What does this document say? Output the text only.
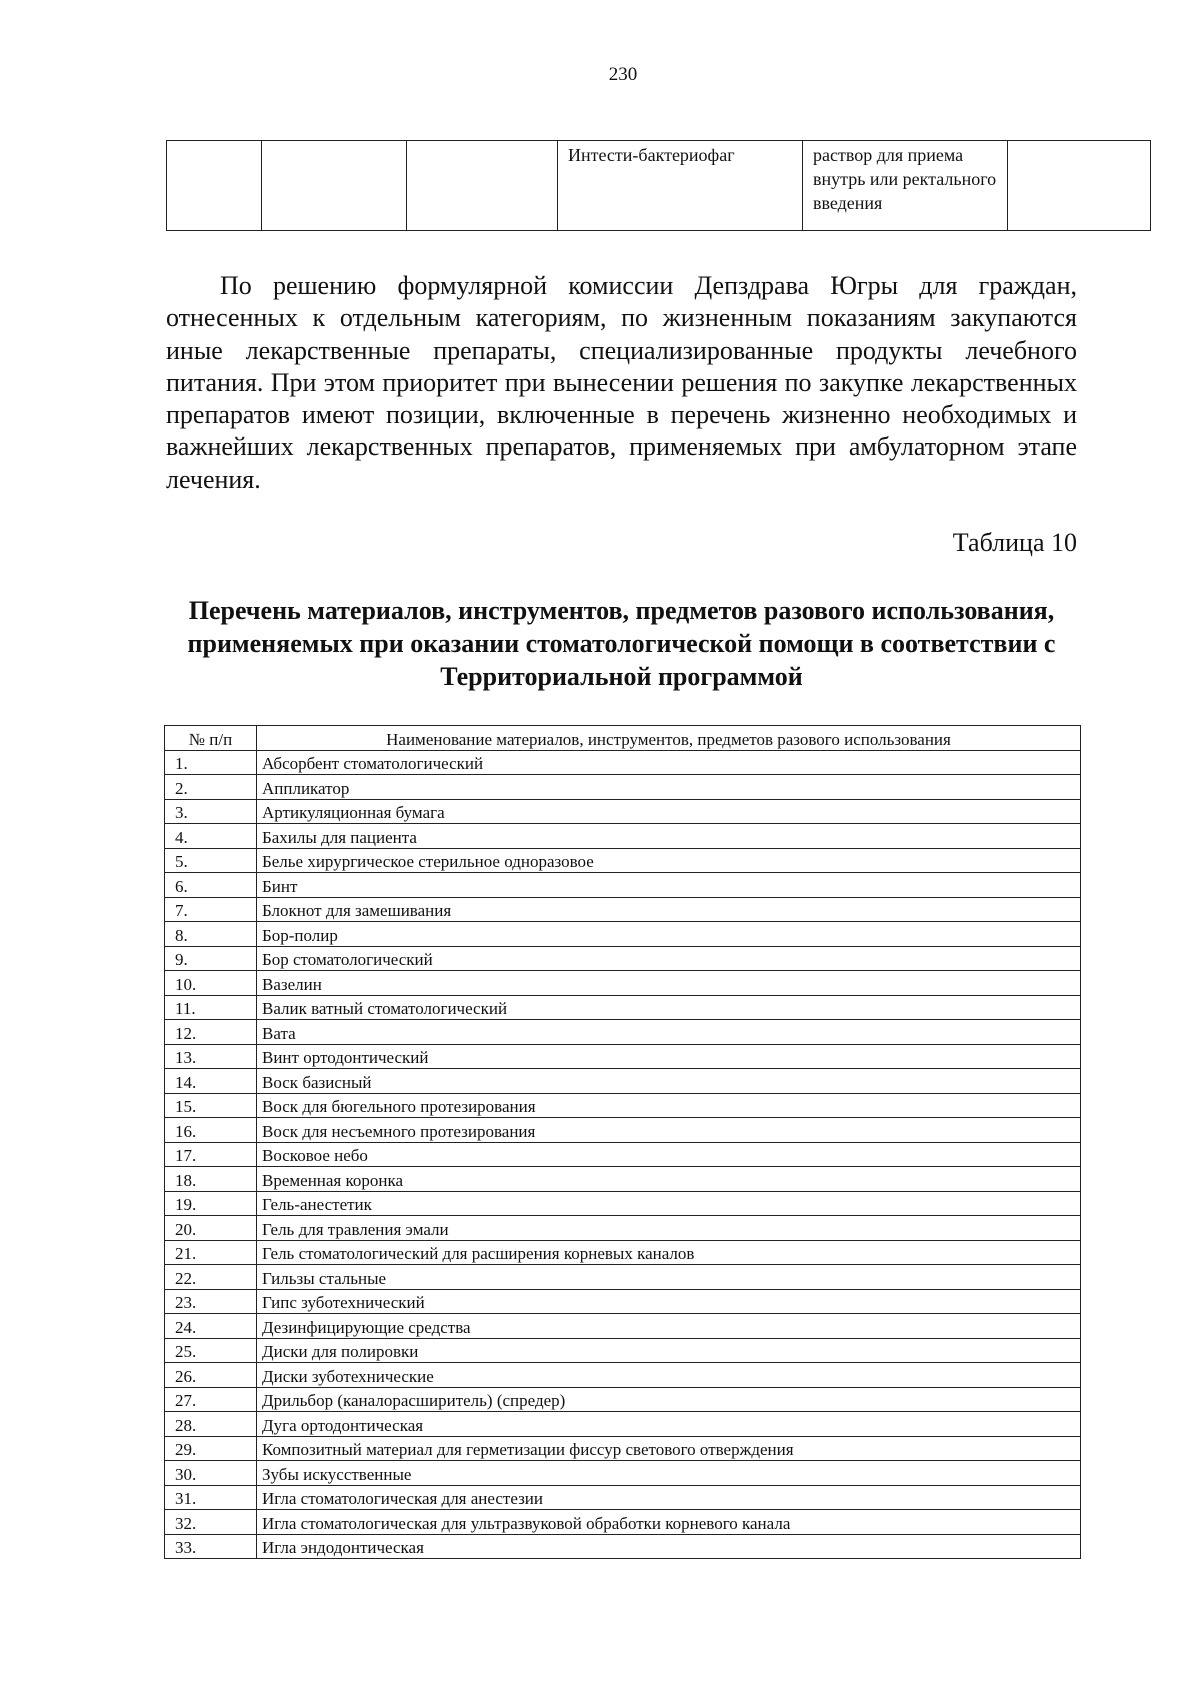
230
			Интести-бактериофаг	раствор для приема внутрь или ректального введения	

По решению формулярной комиссии Депздрава Югры для граждан, отнесенных к отдельным категориям, по жизненным показаниям закупаются иные лекарственные препараты, специализированные продукты лечебного питания. При этом приоритет при вынесении решения по закупке лекарственных препаратов имеют позиции, включенные в перечень жизненно необходимых и важнейших лекарственных препаратов, применяемых при амбулаторном этапе лечения.

Таблица 10
Перечень материалов, инструментов, предметов разового использования, применяемых при оказании стоматологической помощи в соответствии с Территориальной программой
№ п/п	Наименование материалов, инструментов, предметов разового использования
1.	Абсорбент стоматологический
2.	Аппликатор
3.	Артикуляционная бумага
4.	Бахилы для пациента
5.	Белье хирургическое стерильное одноразовое
6.	Бинт
7.	Блокнот для замешивания
8.	Бор-полир
9.	Бор стоматологический
10.	Вазелин
11.	Валик ватный стоматологический
12.	Вата
13.	Винт ортодонтический
14.	Воск базисный
15.	Воск для бюгельного протезирования
16.	Воск для несъемного протезирования
17.	Восковое небо
18.	Временная коронка
19.	Гель-анестетик
20.	Гель для травления эмали
21.	Гель стоматологический для расширения корневых каналов
22.	Гильзы стальные
23.	Гипс зуботехнический
24.	Дезинфицирующие средства
25.	Диски для полировки
26.	Диски зуботехнические
27.	Дрильбор (каналорасширитель) (спредер)
28.	Дуга ортодонтическая
29.	Композитный материал для герметизации фиссур светового отверждения
30.	Зубы искусственные
31.	Игла стоматологическая для анестезии
32.	Игла стоматологическая для ультразвуковой обработки корневого канала
33.	Игла эндодонтическая
